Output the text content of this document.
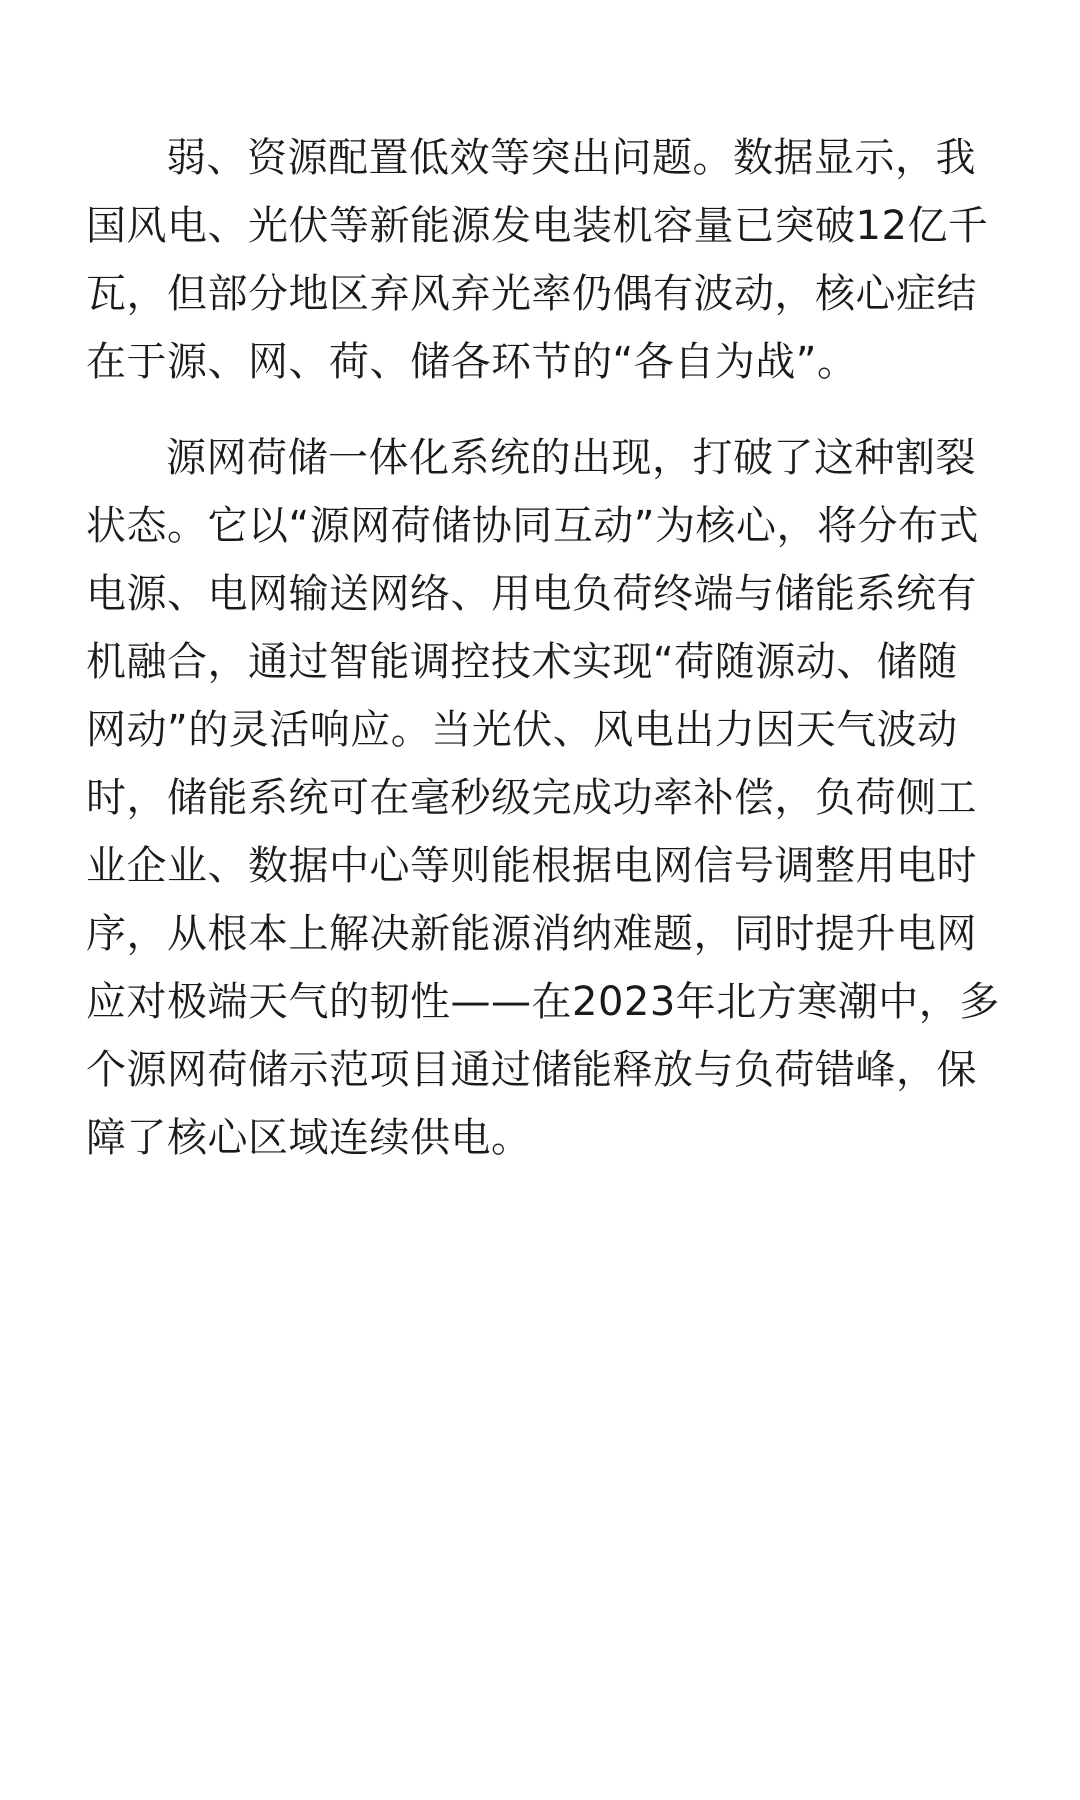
弱、资源配置低效等突出问题。数据显示，我
国风电、光伏等新能源发电装机容量已突破12亿千
瓦，但部分地区弃风弃光率仍偶有波动，核心症结
在于源、网、荷、储各环节的“各自为战”。
源网荷储一体化系统的出现，打破了这种割裂
状态。它以“源网荷储协同互动”为核心，将分布式
电源、电网输送网络、用电负荷终端与储能系统有
机融合，通过智能调控技术实现“荷随源动、储随
网动”的灵活响应。当光伏、风电出力因天气波动
时，储能系统可在毫秒级完成功率补偿，负荷侧工
业企业、数据中心等则能根据电网信号调整用电时
序，从根本上解决新能源消纳难题，同时提升电网
应对极端天气的韧性——在2023年北方寒潮中，多
个源网荷储示范项目通过储能释放与负荷错峰，保
障了核心区域连续供电。
